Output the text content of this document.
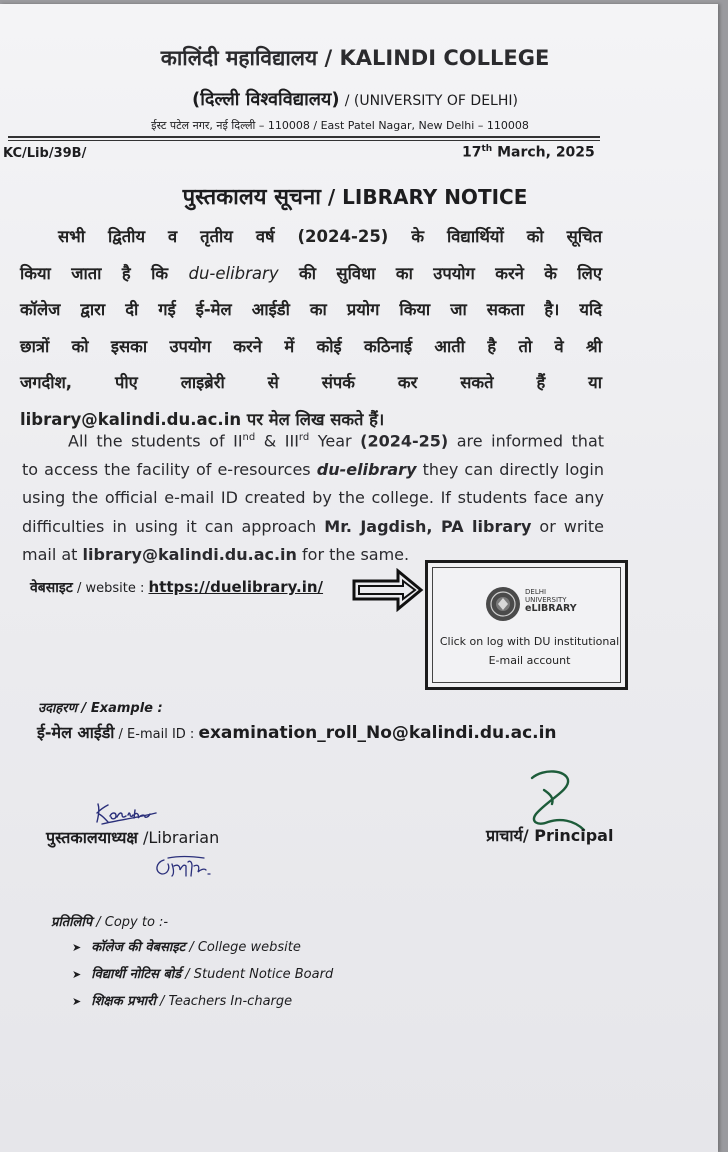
कालिंदी महाविद्यालय / KALINDI COLLEGE
(दिल्ली विश्वविद्यालय) / (UNIVERSITY OF DELHI)
ईस्ट पटेल नगर, नई दिल्ली – 110008 / East Patel Nagar, New Delhi – 110008
KC/Lib/39B/	17th March, 2025
पुस्तकालय सूचना / LIBRARY NOTICE
सभी द्वितीय व तृतीय वर्ष (2024-25) के विद्यार्थियों को सूचित
किया जाता है कि du-elibrary की सुविधा का उपयोग करने के लिए
कॉलेज द्वारा दी गई ई-मेल आईडी का प्रयोग किया जा सकता है। यदि
छात्रों को इसका उपयोग करने में कोई कठिनाई आती है तो वे श्री
जगदीश, पीए लाइब्रेरी से संपर्क कर सकते हैं या
library@kalindi.du.ac.in पर मेल लिख सकते हैं।
All the students of IInd & IIIrd Year (2024-25) are informed that
to access the facility of e-resources du-elibrary they can directly login
using the official e-mail ID created by the college. If students face any
difficulties in using it can approach Mr. Jagdish, PA library or write
mail at library@kalindi.du.ac.in for the same.
वेबसाइट / website : https://duelibrary.in/	DELHI
UNIVERSITY
eLIBRARY
Click on log with DU institutional E-mail account
उदाहरण / Example :
ई-मेल आईडी / E-mail ID : examination_roll_No@kalindi.du.ac.in
पुस्तकालयाध्यक्ष /Librarian	प्राचार्य/ Principal
प्रतिलिपि / Copy to :-
➤ कॉलेज की वेबसाइट / College website
➤ विद्यार्थी नोटिस बोर्ड / Student Notice Board
➤ शिक्षक प्रभारी / Teachers In-charge
